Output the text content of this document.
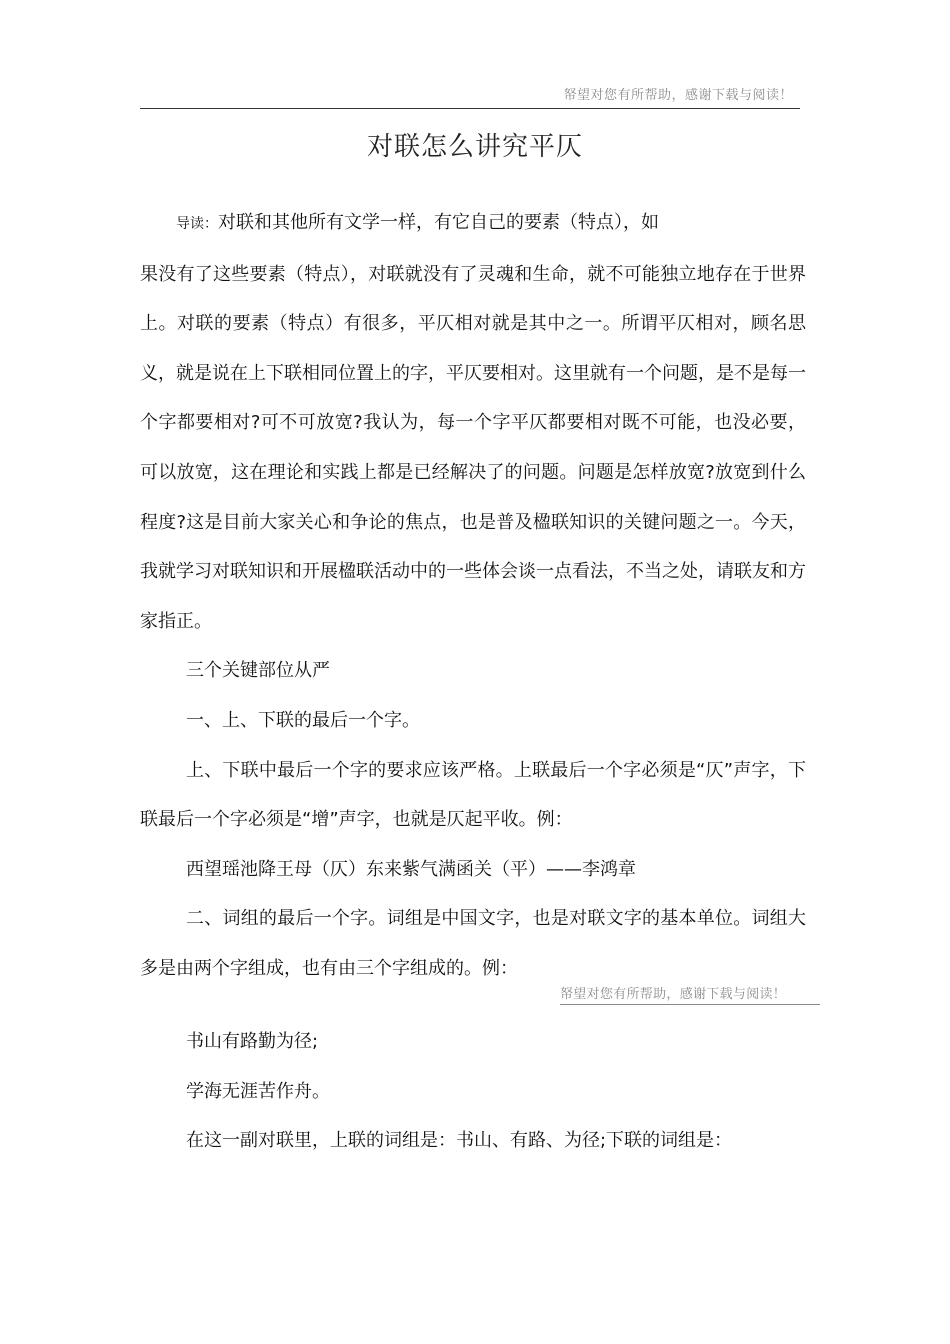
帑望对您有所帮助，感谢下载与阅读！
对联怎么讲究平仄

导读：对联和其他所有文学一样，有它自己的要素（特点），如

果没有了这些要素（特点），对联就没有了灵魂和生命，就不可能独立地存在于世界上。对联的要素（特点）有很多，平仄相对就是其中之一。所谓平仄相对，顾名思义，就是说在上下联相同位置上的字，平仄要相对。这里就有一个问题，是不是每一个字都要相对?可不可放宽?我认为，每一个字平仄都要相对既不可能，也没必要，可以放宽，这在理论和实践上都是已经解决了的问题。问题是怎样放宽?放宽到什么程度?这是目前大家关心和争论的焦点，也是普及楹联知识的关键问题之一。今天，我就学习对联知识和开展楹联活动中的一些体会谈一点看法，不当之处，请联友和方家指正。

三个关键部位从严

一、上、下联的最后一个字。

上、下联中最后一个字的要求应该严格。上联最后一个字必须是“仄”声字，下联最后一个字必须是“增”声字，也就是仄起平收。例：

西望瑶池降王母（仄）东来紫气满函关（平）——李鸿章

二、词组的最后一个字。词组是中国文字，也是对联文字的基本单位。词组大多是由两个字组成，也有由三个字组成的。例：

帑望对您有所帮助，感谢下载与阅读！

书山有路勤为径;

学海无涯苦作舟。

在这一副对联里，上联的词组是：书山、有路、为径;下联的词组是：
